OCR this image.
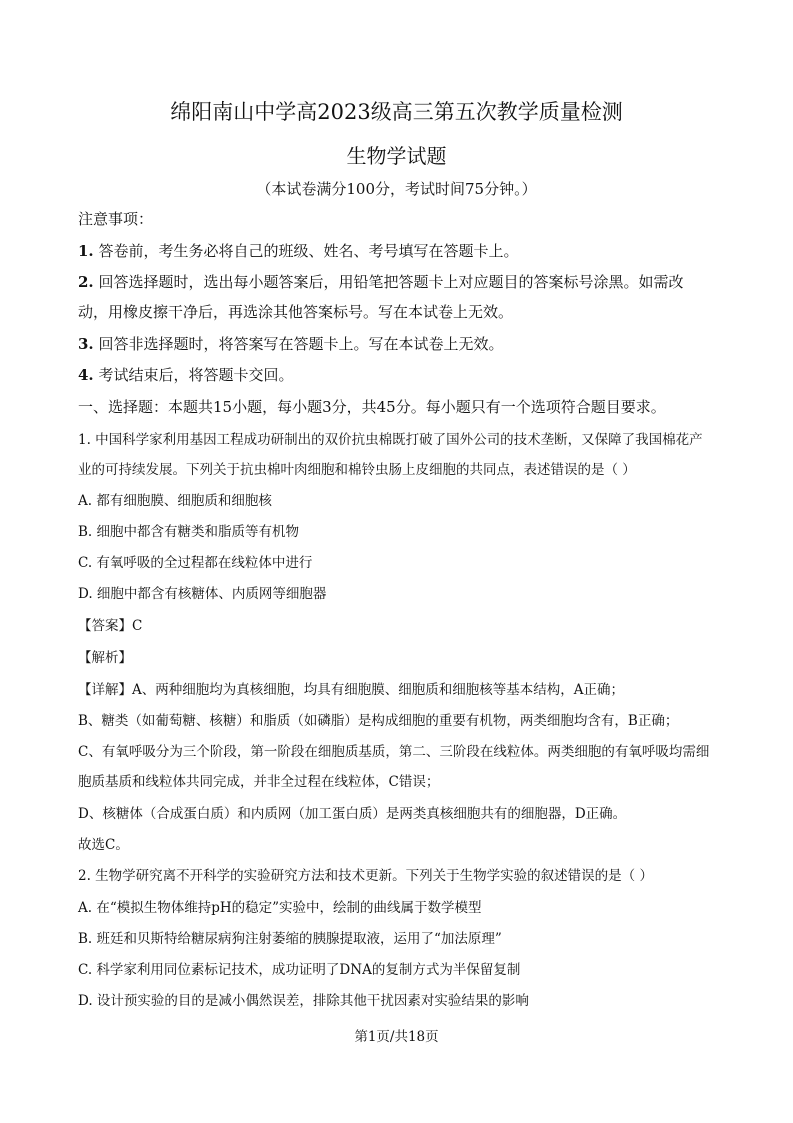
绵阳南山中学高2023级高三第五次教学质量检测
生物学试题
（本试卷满分100分，考试时间75分钟。）
注意事项：
1. 答卷前，考生务必将自己的班级、姓名、考号填写在答题卡上。
2. 回答选择题时，选出每小题答案后，用铅笔把答题卡上对应题目的答案标号涂黑。如需改
动，用橡皮擦干净后，再选涂其他答案标号。写在本试卷上无效。
3. 回答非选择题时，将答案写在答题卡上。写在本试卷上无效。
4. 考试结束后，将答题卡交回。
一、选择题：本题共15小题，每小题3分，共45分。每小题只有一个选项符合题目要求。
1. 中国科学家利用基因工程成功研制出的双价抗虫棉既打破了国外公司的技术垄断，又保障了我国棉花产
业的可持续发展。下列关于抗虫棉叶肉细胞和棉铃虫肠上皮细胞的共同点，表述错误的是（ ）
A. 都有细胞膜、细胞质和细胞核
B. 细胞中都含有糖类和脂质等有机物
C. 有氧呼吸的全过程都在线粒体中进行
D. 细胞中都含有核糖体、内质网等细胞器
【答案】C
【解析】
【详解】A、两种细胞均为真核细胞，均具有细胞膜、细胞质和细胞核等基本结构，A正确；
B、糖类（如葡萄糖、核糖）和脂质（如磷脂）是构成细胞的重要有机物，两类细胞均含有，B正确；
C、有氧呼吸分为三个阶段，第一阶段在细胞质基质，第二、三阶段在线粒体。两类细胞的有氧呼吸均需细
胞质基质和线粒体共同完成，并非全过程在线粒体，C错误；
D、核糖体（合成蛋白质）和内质网（加工蛋白质）是两类真核细胞共有的细胞器，D正确。
故选C。
2. 生物学研究离不开科学的实验研究方法和技术更新。下列关于生物学实验的叙述错误的是（ ）
A. 在“模拟生物体维持pH的稳定”实验中，绘制的曲线属于数学模型
B. 班廷和贝斯特给糖尿病狗注射萎缩的胰腺提取液，运用了“加法原理”
C. 科学家利用同位素标记技术，成功证明了DNA的复制方式为半保留复制
D. 设计预实验的目的是减小偶然误差，排除其他干扰因素对实验结果的影响
第1页/共18页
